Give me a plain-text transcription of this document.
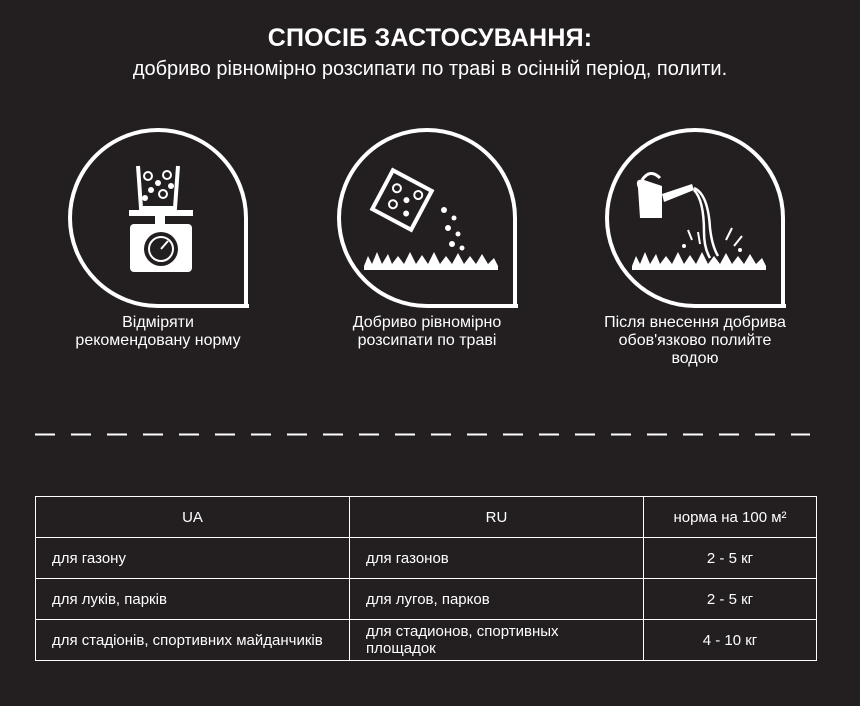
СПОСІБ ЗАСТОСУВАННЯ:
добриво рівномірно розсипати по траві в осінній період, полити.
Відміряти рекомендовану норму
Добриво рівномірно розсипати по траві
Після внесення добрива обов'язково полийте водою
UA	RU	норма на 100 м²
для газону	для газонов	2 - 5 кг
для луків, парків	для лугов, парков	2 - 5 кг
для стадіонів, спортивних майданчиків	для стадионов, спортивных площадок	4 - 10 кг
